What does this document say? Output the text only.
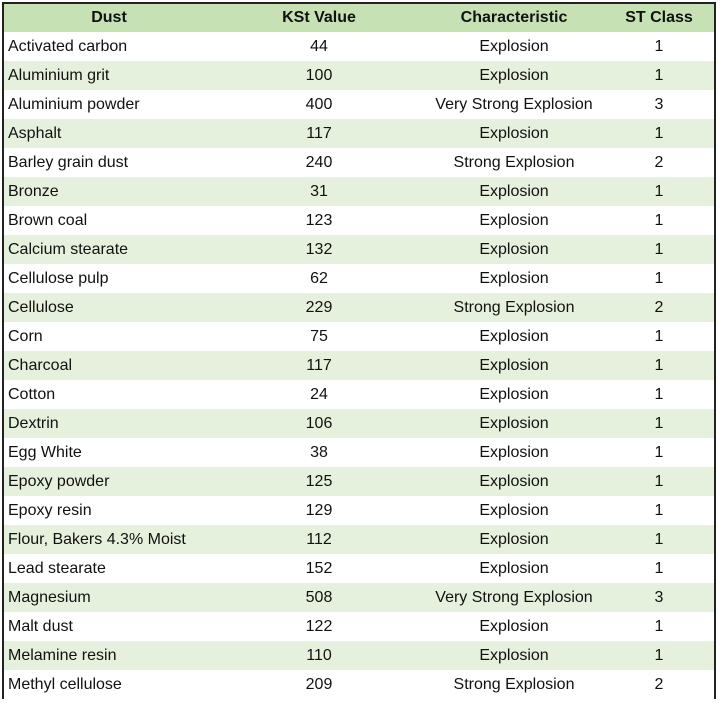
Dust	KSt Value	Characteristic	ST Class
Activated carbon	44	Explosion	1
Aluminium grit	100	Explosion	1
Aluminium powder	400	Very Strong Explosion	3
Asphalt	117	Explosion	1
Barley grain dust	240	Strong Explosion	2
Bronze	31	Explosion	1
Brown coal	123	Explosion	1
Calcium stearate	132	Explosion	1
Cellulose pulp	62	Explosion	1
Cellulose	229	Strong Explosion	2
Corn	75	Explosion	1
Charcoal	117	Explosion	1
Cotton	24	Explosion	1
Dextrin	106	Explosion	1
Egg White	38	Explosion	1
Epoxy powder	125	Explosion	1
Epoxy resin	129	Explosion	1
Flour, Bakers 4.3% Moist	112	Explosion	1
Lead stearate	152	Explosion	1
Magnesium	508	Very Strong Explosion	3
Malt dust	122	Explosion	1
Melamine resin	110	Explosion	1
Methyl cellulose	209	Strong Explosion	2
